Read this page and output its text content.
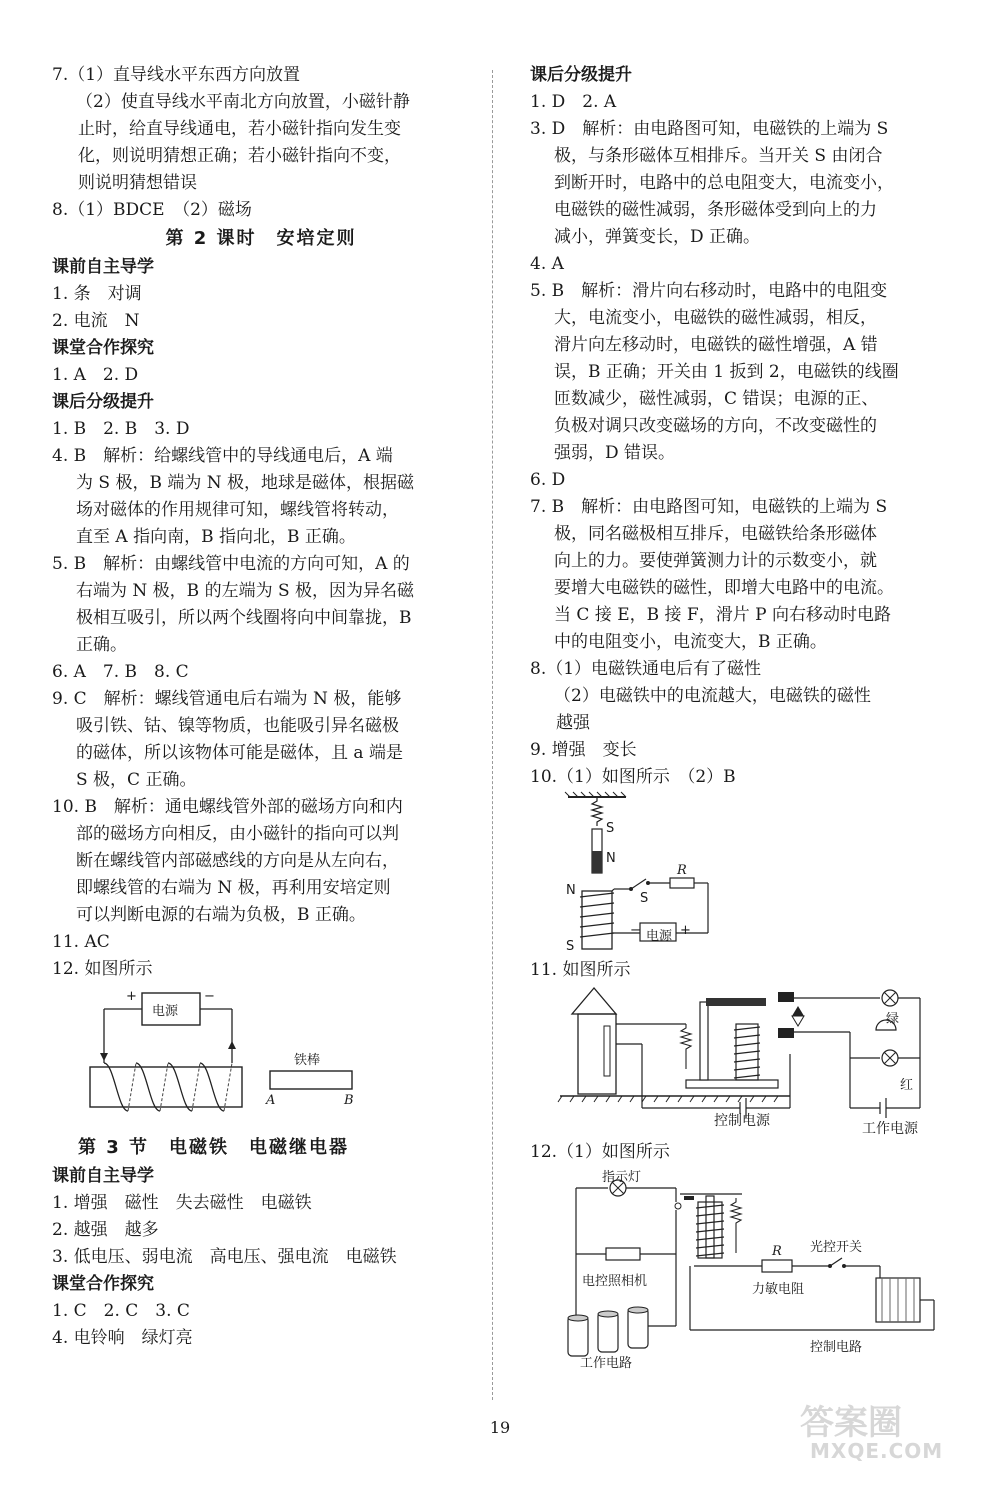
7.（1）直导线水平东西方向放置
（2）使直导线水平南北方向放置，小磁针静
止时，给直导线通电，若小磁针指向发生变
化，则说明猜想正确；若小磁针指向不变，
则说明猜想错误
8.（1）BDCE　（2）磁场
第 2 课时　安培定则
课前自主导学
1. 条　对调
2. 电流　N
课堂合作探究
1. A　2. D
课后分级提升
1. B　2. B　3. D
4. B　解析：给螺线管中的导线通电后，A 端
为 S 极，B 端为 N 极，地球是磁体，根据磁
场对磁体的作用规律可知，螺线管将转动，
直至 A 指向南，B 指向北，B 正确。
5. B　解析：由螺线管中电流的方向可知，A 的
右端为 N 极，B 的左端为 S 极，因为异名磁
极相互吸引，所以两个线圈将向中间靠拢，B
正确。
6. A　7. B　8. C
9. C　解析：螺线管通电后右端为 N 极，能够
吸引铁、钴、镍等物质，也能吸引异名磁极
的磁体，所以该物体可能是磁体，且 a 端是
S 极，C 正确。
10. B　解析：通电螺线管外部的磁场方向和内
部的磁场方向相反，由小磁针的指向可以判
断在螺线管内部磁感线的方向是从左向右，
即螺线管的右端为 N 极，再利用安培定则
可以判断电源的右端为负极，B 正确。
11. AC
12. 如图所示
电源
+	−
铁棒
A	B
第 3 节　电磁铁　电磁继电器
课前自主导学
1. 增强　磁性　失去磁性　电磁铁
2. 越强　越多
3. 低电压、弱电流　高电压、强电流　电磁铁
课堂合作探究
1. C　2. C　3. C
4. 电铃响　绿灯亮
课后分级提升
1. D　2. A
3. D　解析：由电路图可知，电磁铁的上端为 S
极，与条形磁体互相排斥。当开关 S 由闭合
到断开时，电路中的总电阻变大，电流变小，
电磁铁的磁性减弱，条形磁体受到向上的力
减小，弹簧变长，D 正确。
4. A
5. B　解析：滑片向右移动时，电路中的电阻变
大，电流变小，电磁铁的磁性减弱，相反，
滑片向左移动时，电磁铁的磁性增强，A 错
误，B 正确；开关由 1 扳到 2，电磁铁的线圈
匝数减少，磁性减弱，C 错误；电源的正、
负极对调只改变磁场的方向，不改变磁性的
强弱，D 错误。
6. D
7. B　解析：由电路图可知，电磁铁的上端为 S
极，同名磁极相互排斥，电磁铁给条形磁体
向上的力。要使弹簧测力计的示数变小，就
要增大电磁铁的磁性，即增大电路中的电流。
当 C 接 E，B 接 F，滑片 P 向右移动时电路
中的电阻变小，电流变大，B 正确。
8.（1）电磁铁通电后有了磁性
（2）电磁铁中的电流越大，电磁铁的磁性
越强
9. 增强　变长
10.（1）如图所示　（2）B
S
N
N
S
S
R
电源 +
−
11. 如图所示
绿
红
控制电源	工作电源
12.（1）如图所示
指示灯
光控开关
R
电控照相机
力敏电阻
控制电路
工作电路
19	答案圈
MXQE.COM
